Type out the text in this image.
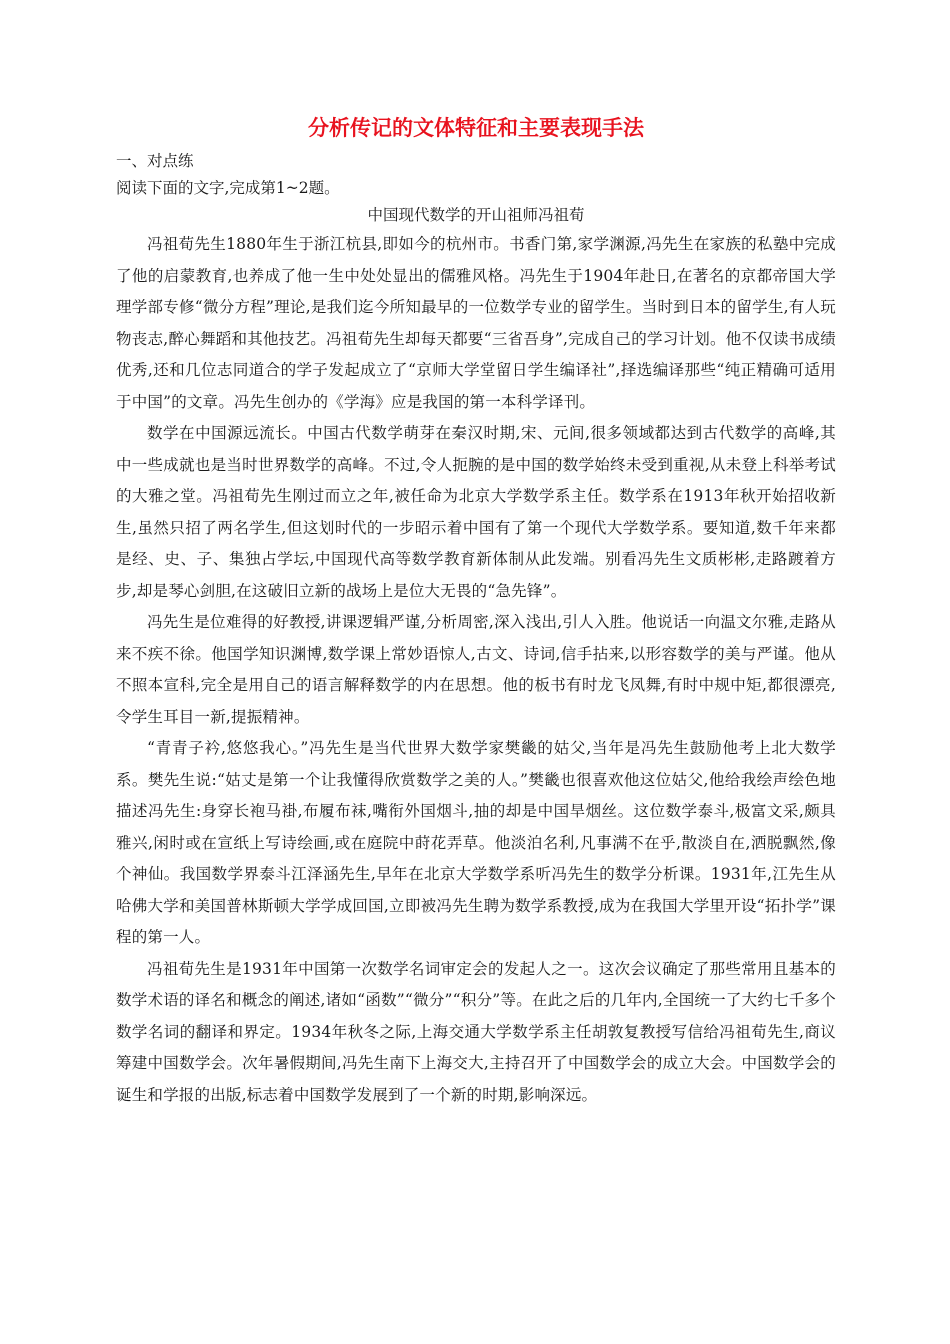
分析传记的文体特征和主要表现手法

一、对点练

阅读下面的文字,完成第1~2题。

中国现代数学的开山祖师冯祖荀

冯祖荀先生1880年生于浙江杭县,即如今的杭州市。书香门第,家学渊源,冯先生在家族的私塾中完成了他的启蒙教育,也养成了他一生中处处显出的儒雅风格。冯先生于1904年赴日,在著名的京都帝国大学理学部专修“微分方程”理论,是我们迄今所知最早的一位数学专业的留学生。当时到日本的留学生,有人玩物丧志,醉心舞蹈和其他技艺。冯祖荀先生却每天都要“三省吾身”,完成自己的学习计划。他不仅读书成绩优秀,还和几位志同道合的学子发起成立了“京师大学堂留日学生编译社”,择选编译那些“纯正精确可适用于中国”的文章。冯先生创办的《学海》应是我国的第一本科学译刊。

数学在中国源远流长。中国古代数学萌芽在秦汉时期,宋、元间,很多领域都达到古代数学的高峰,其中一些成就也是当时世界数学的高峰。不过,令人扼腕的是中国的数学始终未受到重视,从未登上科举考试的大雅之堂。冯祖荀先生刚过而立之年,被任命为北京大学数学系主任。数学系在1913年秋开始招收新生,虽然只招了两名学生,但这划时代的一步昭示着中国有了第一个现代大学数学系。要知道,数千年来都是经、史、子、集独占学坛,中国现代高等数学教育新体制从此发端。别看冯先生文质彬彬,走路踱着方步,却是琴心剑胆,在这破旧立新的战场上是位大无畏的“急先锋”。

冯先生是位难得的好教授,讲课逻辑严谨,分析周密,深入浅出,引人入胜。他说话一向温文尔雅,走路从来不疾不徐。他国学知识渊博,数学课上常妙语惊人,古文、诗词,信手拈来,以形容数学的美与严谨。他从不照本宣科,完全是用自己的语言解释数学的内在思想。他的板书有时龙飞凤舞,有时中规中矩,都很漂亮,令学生耳目一新,提振精神。

“青青子衿,悠悠我心。”冯先生是当代世界大数学家樊畿的姑父,当年是冯先生鼓励他考上北大数学系。樊先生说:“姑丈是第一个让我懂得欣赏数学之美的人。”樊畿也很喜欢他这位姑父,他给我绘声绘色地描述冯先生:身穿长袍马褂,布履布袜,嘴衔外国烟斗,抽的却是中国旱烟丝。这位数学泰斗,极富文采,颇具雅兴,闲时或在宣纸上写诗绘画,或在庭院中莳花弄草。他淡泊名利,凡事满不在乎,散淡自在,洒脱飘然,像个神仙。我国数学界泰斗江泽涵先生,早年在北京大学数学系听冯先生的数学分析课。1931年,江先生从哈佛大学和美国普林斯顿大学学成回国,立即被冯先生聘为数学系教授,成为在我国大学里开设“拓扑学”课程的第一人。

冯祖荀先生是1931年中国第一次数学名词审定会的发起人之一。这次会议确定了那些常用且基本的数学术语的译名和概念的阐述,诸如“函数”“微分”“积分”等。在此之后的几年内,全国统一了大约七千多个数学名词的翻译和界定。1934年秋冬之际,上海交通大学数学系主任胡敦复教授写信给冯祖荀先生,商议筹建中国数学会。次年暑假期间,冯先生南下上海交大,主持召开了中国数学会的成立大会。中国数学会的诞生和学报的出版,标志着中国数学发展到了一个新的时期,影响深远。
